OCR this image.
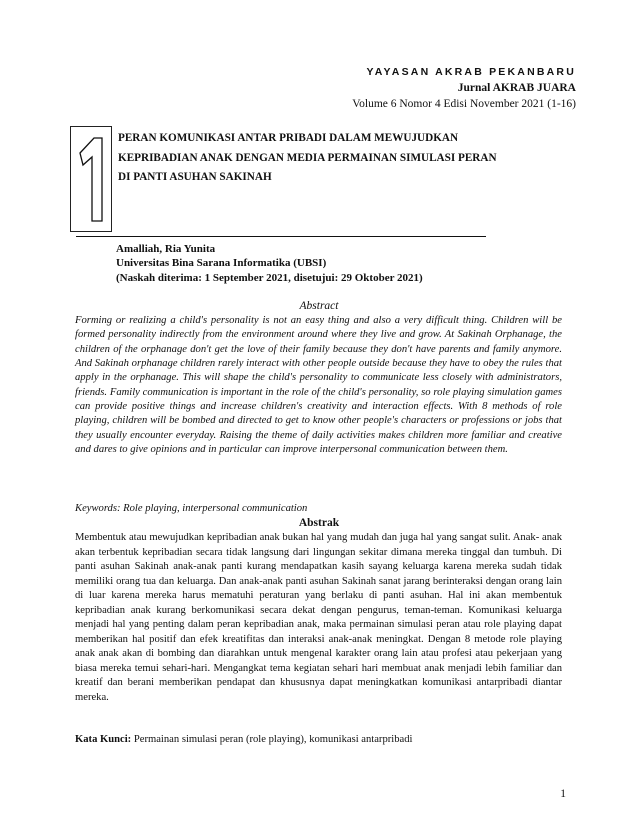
YAYASAN AKRAB PEKANBARU
Jurnal AKRAB JUARA
Volume 6 Nomor 4 Edisi November 2021 (1-16)
PERAN KOMUNIKASI ANTAR PRIBADI DALAM MEWUJUDKAN
KEPRIBADIAN ANAK DENGAN MEDIA PERMAINAN SIMULASI PERAN
DI PANTI ASUHAN SAKINAH
Amalliah, Ria Yunita
Universitas Bina Sarana Informatika (UBSI)
(Naskah diterima: 1 September 2021, disetujui: 29 Oktober 2021)
Abstract
Forming or realizing a child's personality is not an easy thing and also a very difficult thing. Children will be formed personality indirectly from the environment around where they live and grow. At Sakinah Orphanage, the children of the orphanage don't get the love of their family because they don't have parents and family anymore. And Sakinah orphanage children rarely interact with other people outside because they have to obey the rules that apply in the orphanage. This will shape the child's personality to communicate less closely with administrators, friends. Family communication is important in the role of the child's personality, so role playing simulation games can provide positive things and increase children's creativity and interaction effects. With 8 methods of role playing, children will be bombed and directed to get to know other people's characters or professions or jobs that they usually encounter everyday. Raising the theme of daily activities makes children more familiar and creative and dares to give opinions and in particular can improve interpersonal communication between them.
Keywords: Role playing, interpersonal communication
Abstrak
Membentuk atau mewujudkan kepribadian anak bukan hal yang mudah dan juga hal yang sangat sulit. Anak- anak akan terbentuk kepribadian secara tidak langsung dari lingungan sekitar dimana mereka tinggal dan tumbuh. Di panti asuhan Sakinah anak-anak panti kurang mendapatkan kasih sayang keluarga karena mereka sudah tidak memiliki orang tua dan keluarga. Dan anak-anak panti asuhan Sakinah sanat jarang berinteraksi dengan orang lain di luar karena mereka harus mematuhi peraturan yang berlaku di panti asuhan. Hal ini akan membentuk kepribadian anak kurang berkomunikasi secara dekat dengan pengurus, teman-teman. Komunikasi keluarga menjadi hal yang penting dalam peran kepribadian anak, maka permainan simulasi peran atau role playing dapat memberikan hal positif dan efek kreatifitas dan interaksi anak-anak meningkat. Dengan 8 metode role playing anak anak akan di bombing dan diarahkan untuk mengenal karakter orang lain atau profesi atau pekerjaan yang biasa mereka temui sehari-hari. Mengangkat tema kegiatan sehari hari membuat anak menjadi lebih familiar dan kreatif dan berani memberikan pendapat dan khususnya dapat meningkatkan komunikasi antarpribadi diantar mereka.
Kata Kunci: Permainan simulasi peran (role playing), komunikasi antarpribadi
1
